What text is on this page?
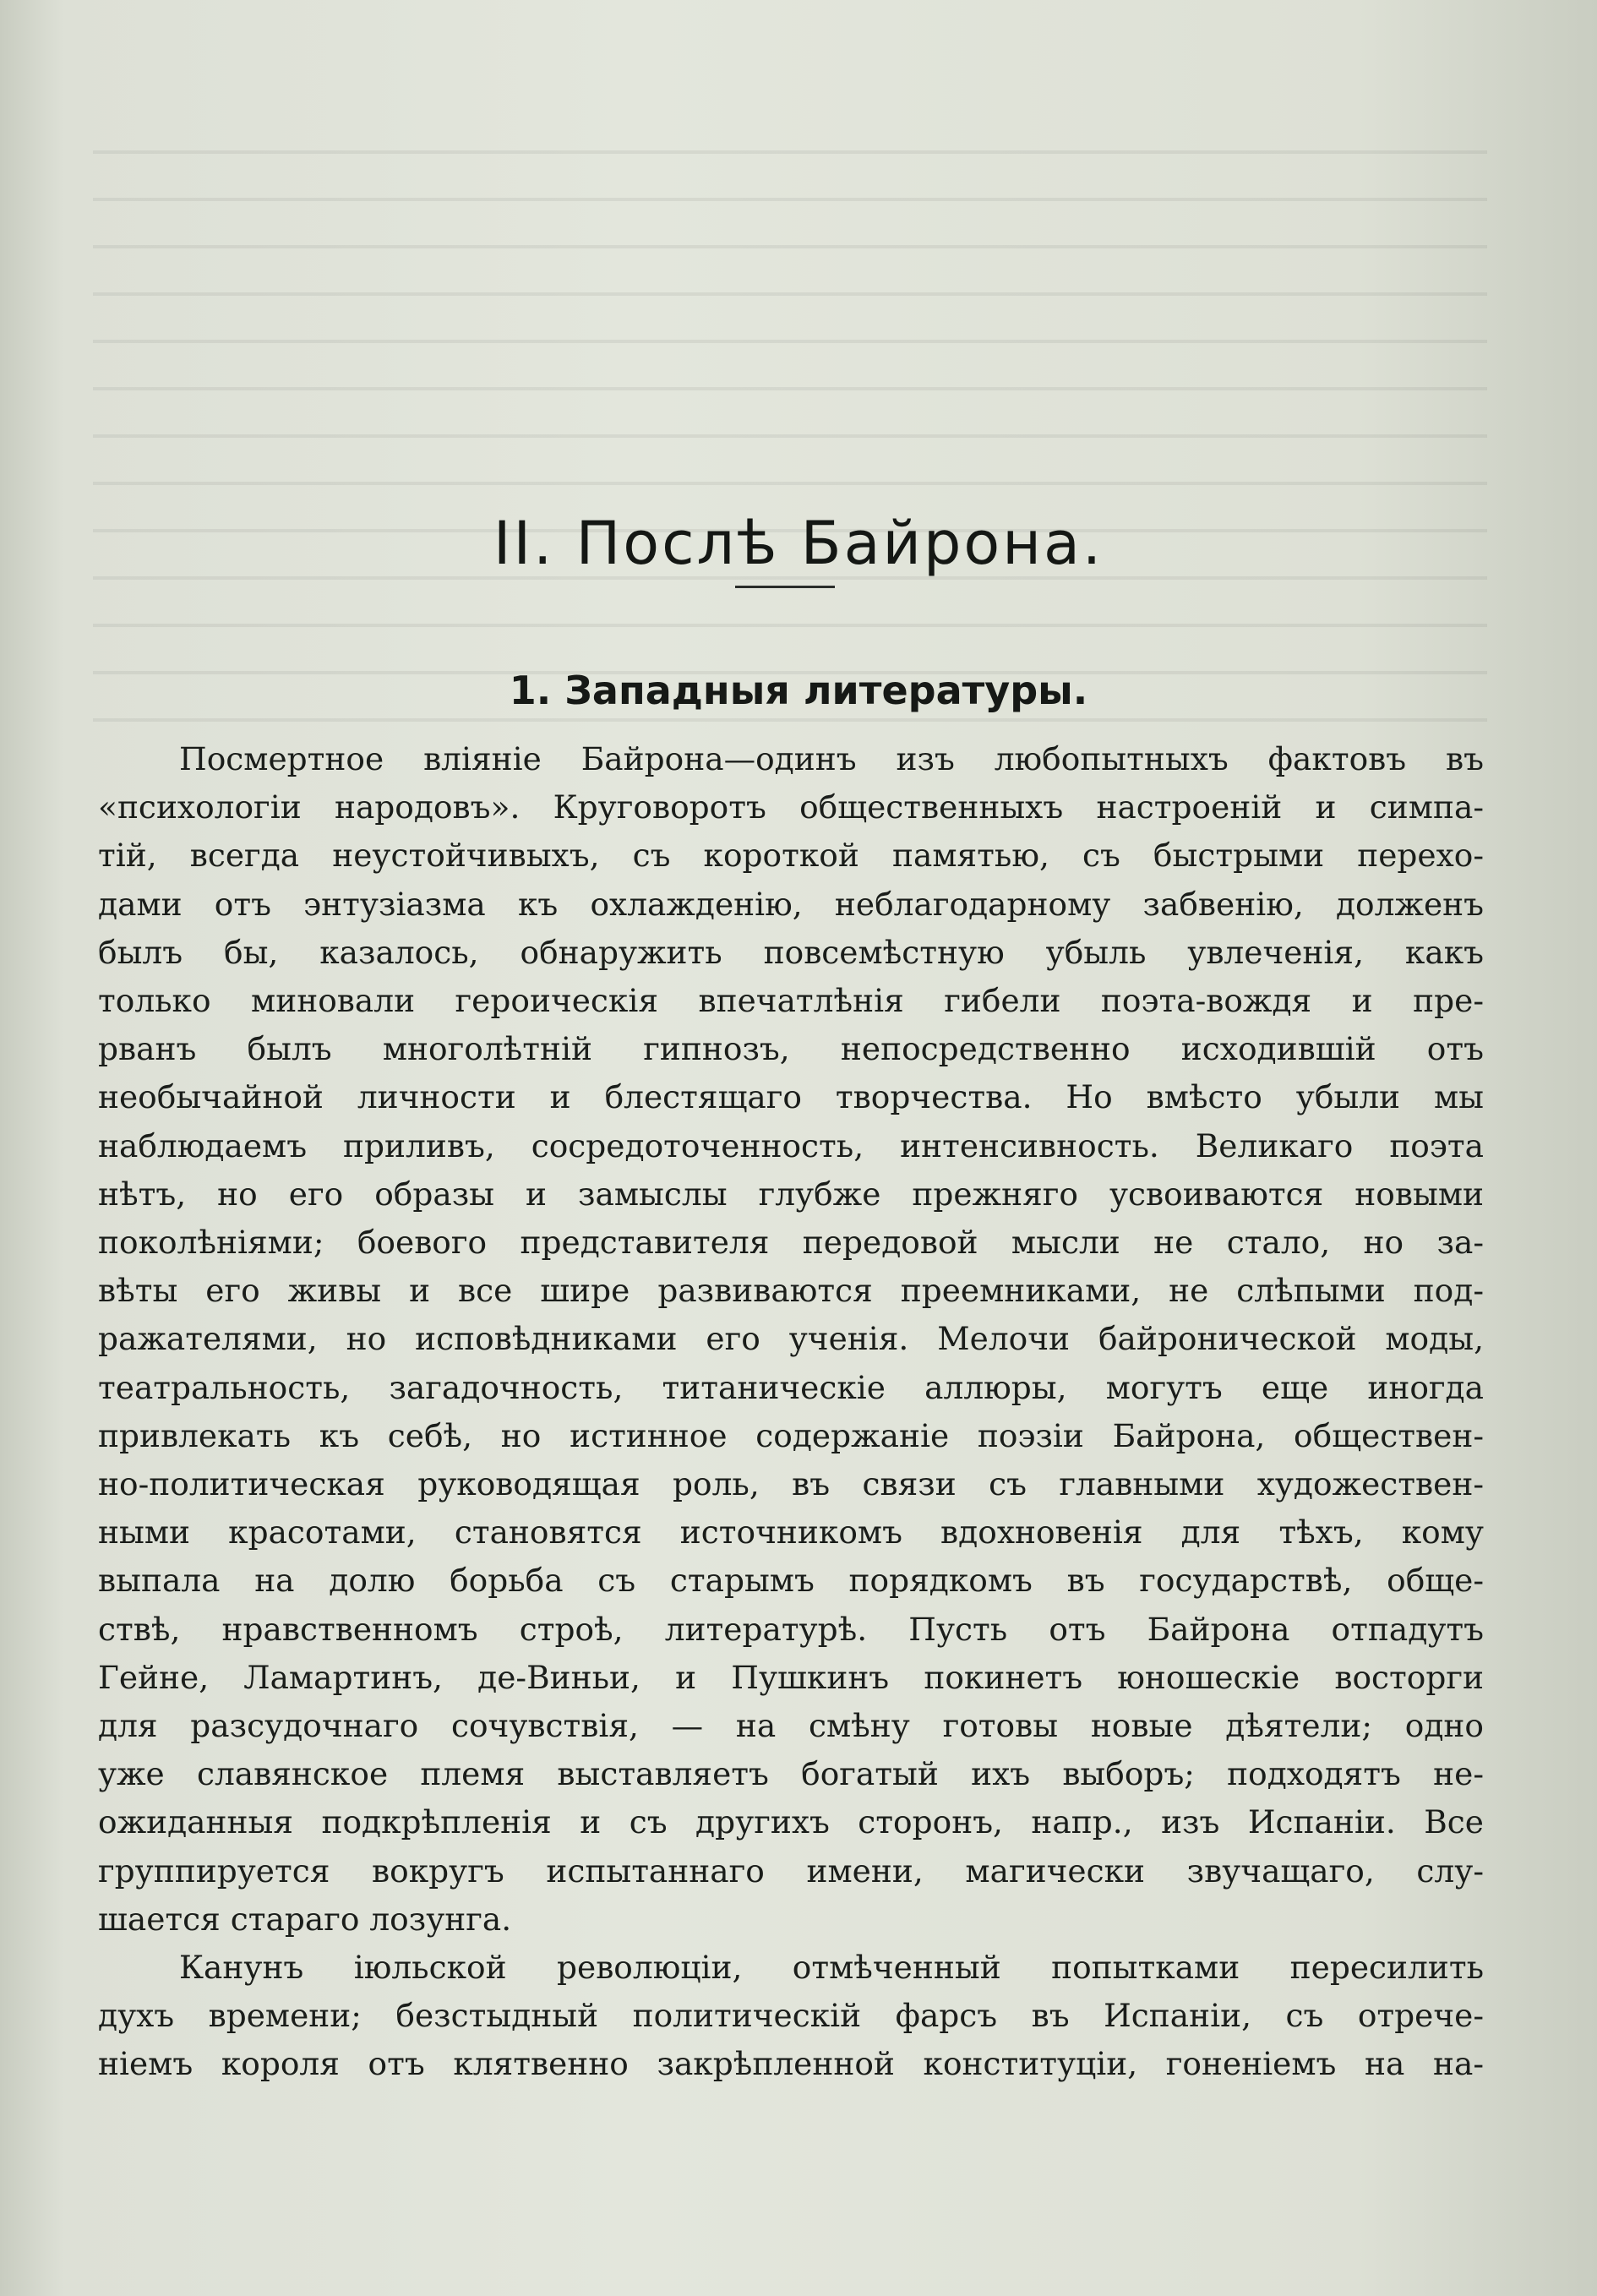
II. Послѣ Байрона.
1. Западныя литературы.
Посмертное вліяніе Байрона—одинъ изъ любопытныхъ фактовъ въ
«психологіи народовъ». Круговоротъ общественныхъ настроеній и симпа-
тій, всегда неустойчивыхъ, съ короткой памятью, съ быстрыми перехо-
дами отъ энтузіазма къ охлажденію, неблагодарному забвенію, долженъ
былъ бы, казалось, обнаружить повсемѣстную убыль увлеченія, какъ
только миновали героическія впечатлѣнія гибели поэта-вождя и пре-
рванъ былъ многолѣтній гипнозъ, непосредственно исходившій отъ
необычайной личности и блестящаго творчества. Но вмѣсто убыли мы
наблюдаемъ приливъ, сосредоточенность, интенсивность. Великаго поэта
нѣтъ, но его образы и замыслы глубже прежняго усвоиваются новыми
поколѣніями; боевого представителя передовой мысли не стало, но за-
вѣты его живы и все шире развиваются преемниками, не слѣпыми под-
ражателями, но исповѣдниками его ученія. Мелочи байронической моды,
театральность, загадочность, титаническіе аллюры, могутъ еще иногда
привлекать къ себѣ, но истинное содержаніе поэзіи Байрона, обществен-
но-политическая руководящая роль, въ связи съ главными художествен-
ными красотами, становятся источникомъ вдохновенія для тѣхъ, кому
выпала на долю борьба съ старымъ порядкомъ въ государствѣ, обще-
ствѣ, нравственномъ строѣ, литературѣ. Пусть отъ Байрона отпадутъ
Гейне, Ламартинъ, де-Виньи, и Пушкинъ покинетъ юношескіе восторги
для разсудочнаго сочувствія, — на смѣну готовы новые дѣятели; одно
уже славянское племя выставляетъ богатый ихъ выборъ; подходятъ не-
ожиданныя подкрѣпленія и съ другихъ сторонъ, напр., изъ Испаніи. Все
группируется вокругъ испытаннаго имени, магически звучащаго, слу-
шается стараго лозунга.
Канунъ іюльской революціи, отмѣченный попытками пересилить
духъ времени; безстыдный политическій фарсъ въ Испаніи, съ отрече-
ніемъ короля отъ клятвенно закрѣпленной конституціи, гоненіемъ на на-
